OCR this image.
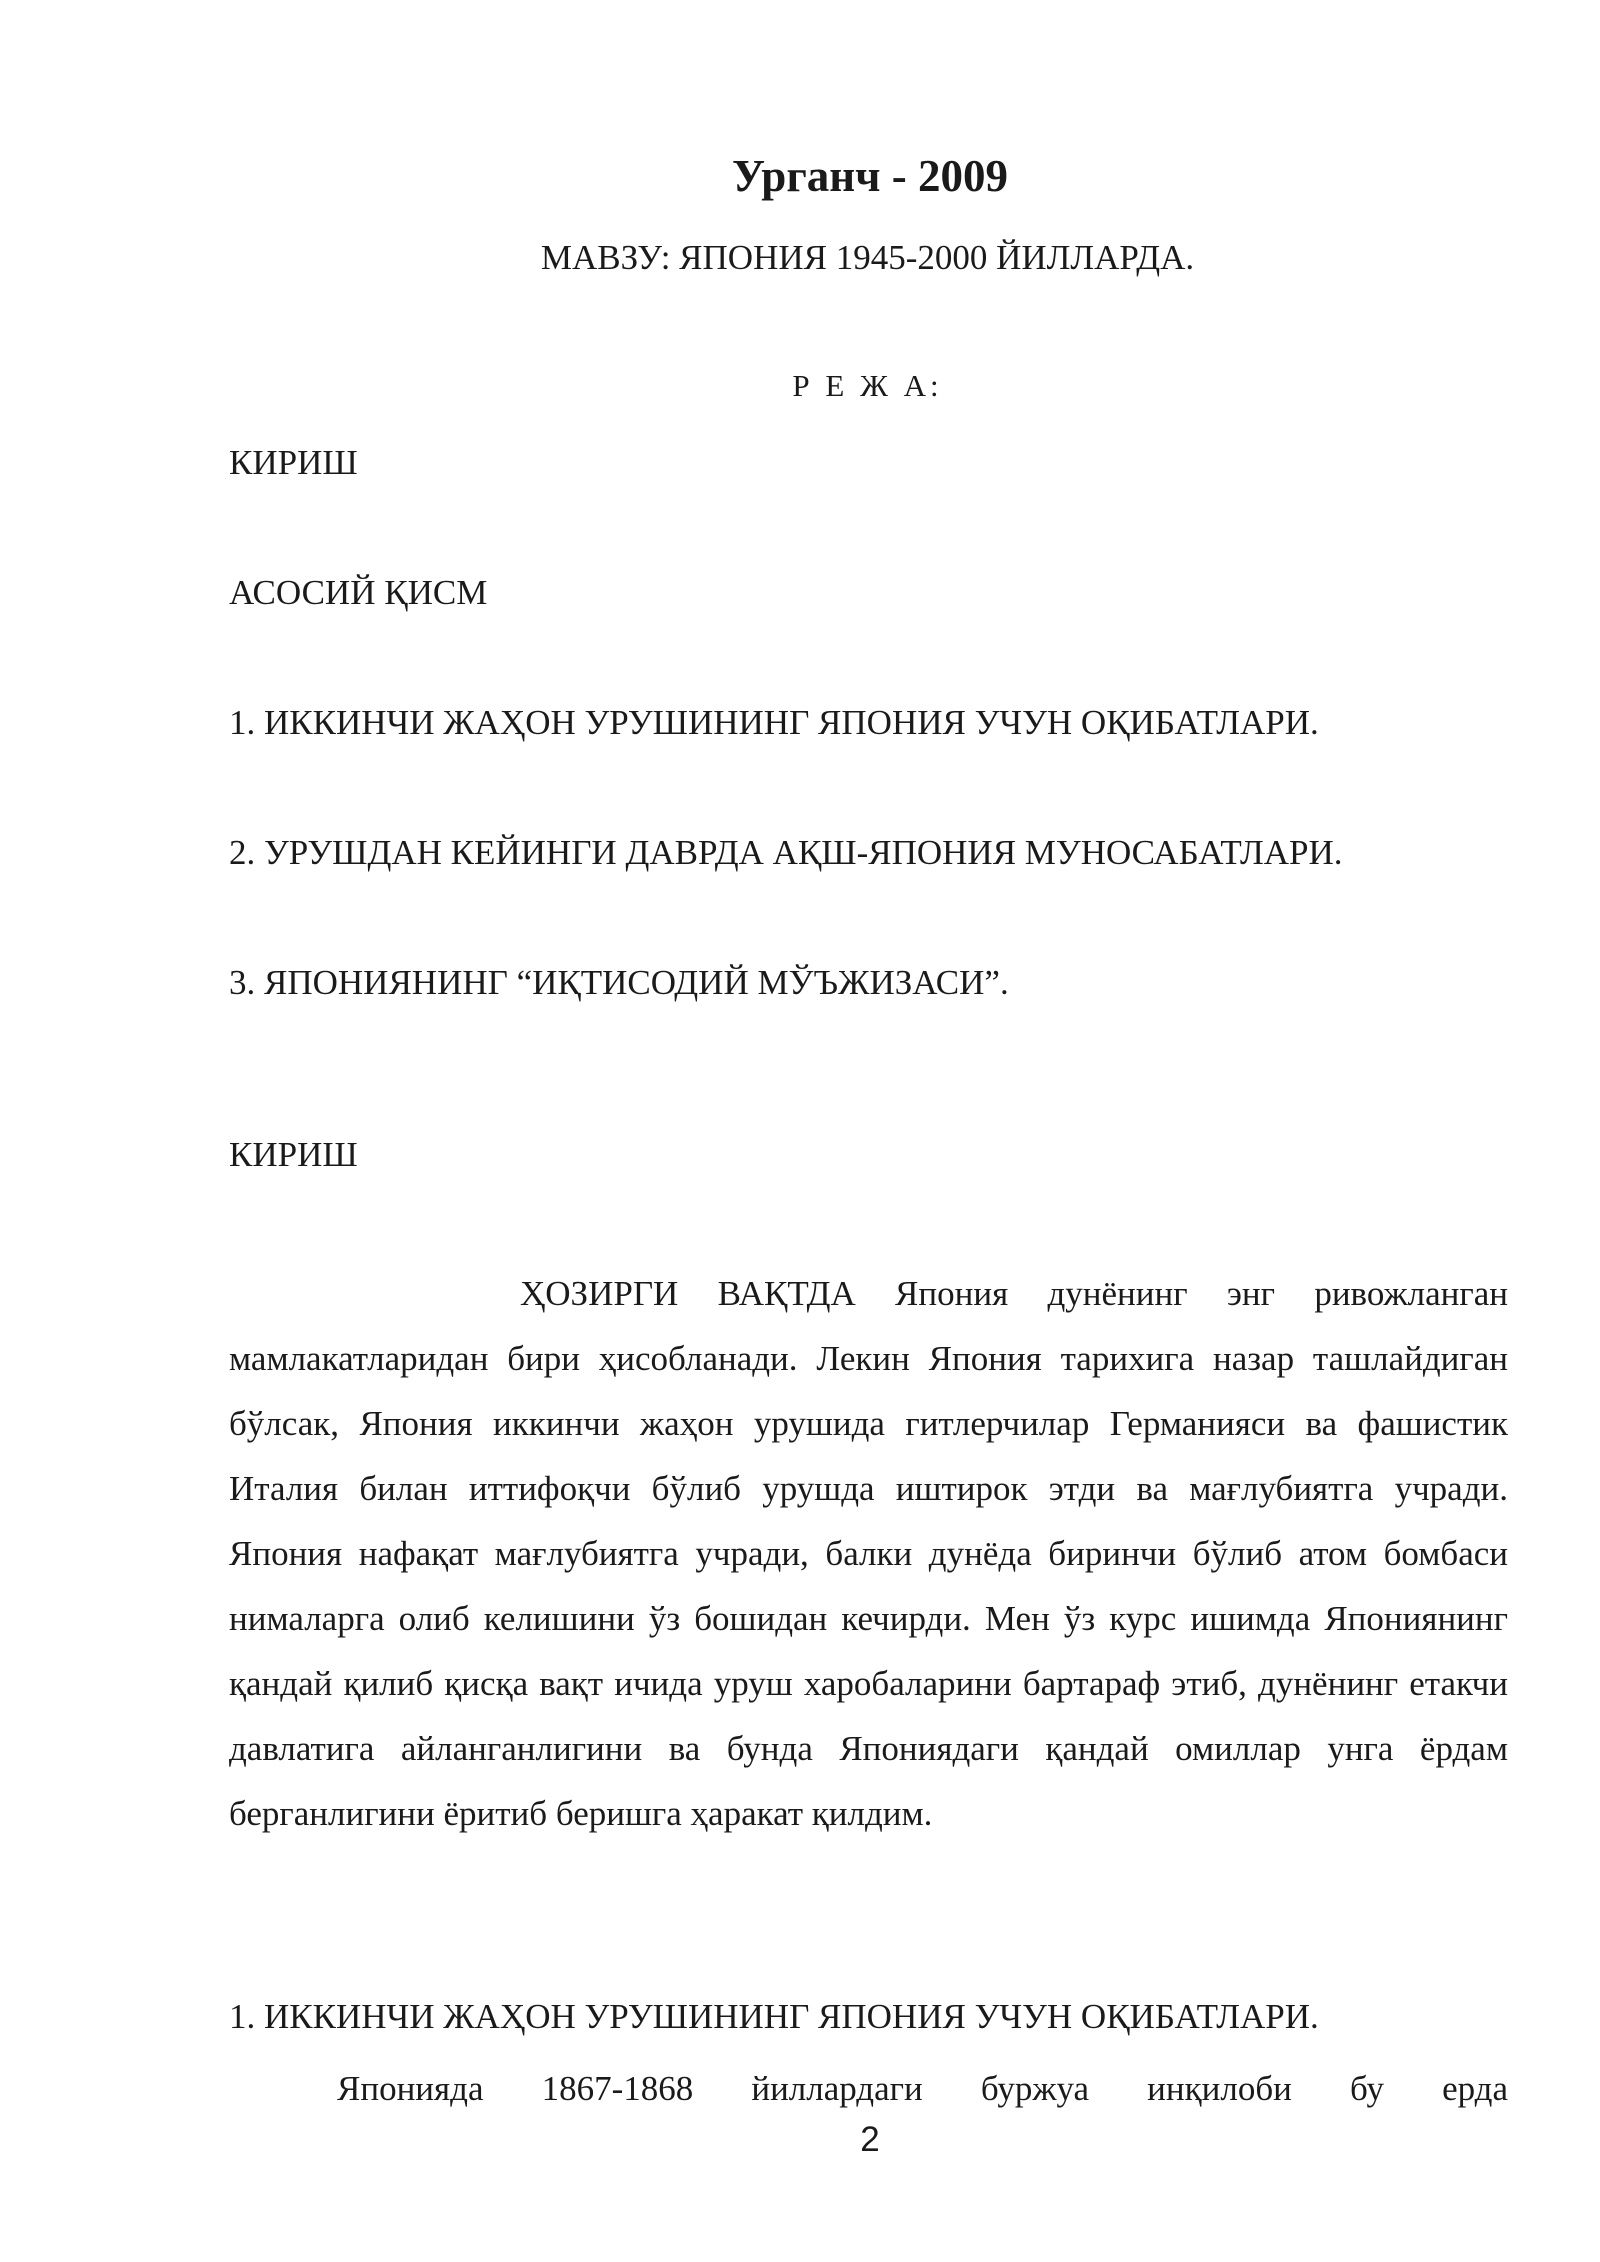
Урганч - 2009

МАВЗУ: ЯПОНИЯ 1945-2000 ЙИЛЛАРДА.

Р Е Ж А:

КИРИШ

АСОСИЙ ҚИСМ

1. ИККИНЧИ ЖАҲОН УРУШИНИНГ ЯПОНИЯ УЧУН ОҚИБАТЛАРИ.

2. УРУШДАН КЕЙИНГИ ДАВРДА АҚШ-ЯПОНИЯ МУНОСАБАТЛАРИ.

3. ЯПОНИЯНИНГ “ИҚТИСОДИЙ МЎЪЖИЗАСИ”.

КИРИШ

ҲОЗИРГИ ВАҚТДА Япония дунёнинг энг ривожланган мамлакатларидан бири ҳисобланади. Лекин Япония тарихига назар ташлайдиган бўлсак, Япония иккинчи жаҳон урушида гитлерчилар Германияси ва фашистик Италия билан иттифоқчи бўлиб урушда иштирок этди ва мағлубиятга учради. Япония нафақат мағлубиятга учради, балки дунёда биринчи бўлиб атом бомбаси нималарга олиб келишини ўз бошидан кечирди. Мен ўз курс ишимда Япониянинг қандай қилиб қисқа вақт ичида уруш харобаларини бартараф этиб, дунёнинг етакчи давлатига айланганлигини ва бунда Япониядаги қандай омиллар унга ёрдам берганлигини ёритиб беришга ҳаракат қилдим.

1. ИККИНЧИ ЖАҲОН УРУШИНИНГ ЯПОНИЯ УЧУН ОҚИБАТЛАРИ.

Японияда 1867-1868 йиллардаги буржуа инқилоби бу ерда

2
